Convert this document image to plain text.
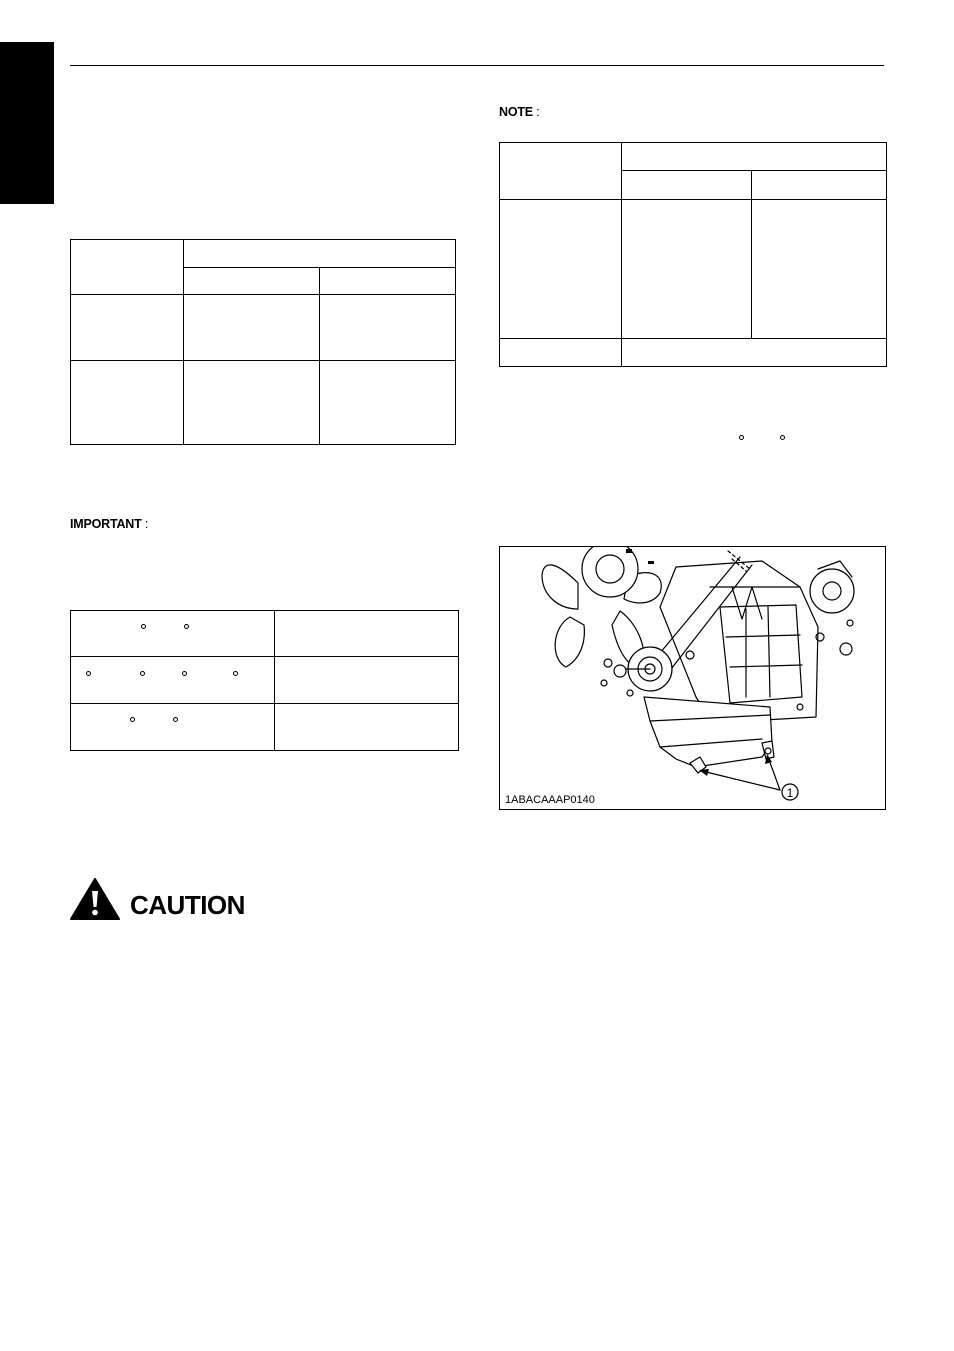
IMPORTANT :
NOTE :
1
1ABACAAAP0140
CAUTION
